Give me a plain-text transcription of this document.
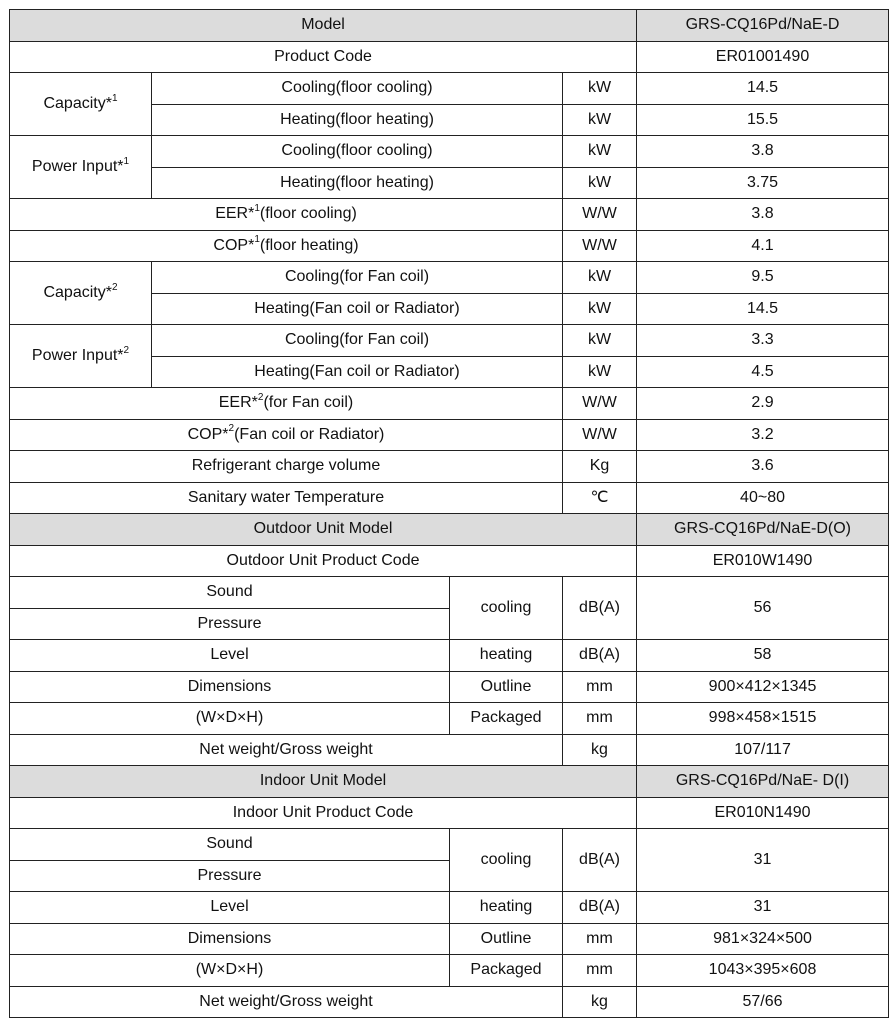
Model				GRS-CQ16Pd/NaE-D
Product Code				ER01001490
Capacity*$^1$	Cooling(floor cooling)		kW	14.5
	Heating(floor heating)		kW	15.5
Power Input*$^1$	Cooling(floor cooling)		kW	3.8
	Heating(floor heating)		kW	3.75
EER*$^1$(floor cooling)			W/W	3.8
COP*$^1$(floor heating)			W/W	4.1
Capacity*$^2$	Cooling(for Fan coil)		kW	9.5
	Heating(Fan coil or Radiator)		kW	14.5
Power Input*$^2$	Cooling(for Fan coil)		kW	3.3
	Heating(Fan coil or Radiator)		kW	4.5
EER*$^2$(for Fan coil)			W/W	2.9
COP*$^2$(Fan coil or Radiator)			W/W	3.2
Refrigerant charge volume			Kg	3.6
Sanitary water Temperature			℃	40~80
Outdoor Unit Model				GRS-CQ16Pd/NaE-D(O)
Outdoor Unit Product Code				ER010W1490
Sound		cooling	dB(A)	56
Pressure				
Level		heating	dB(A)	58
Dimensions		Outline	mm	900×412×1345
(W×D×H)		Packaged	mm	998×458×1515
Net weight/Gross weight			kg	107/117
Indoor Unit Model				GRS-CQ16Pd/NaE- D(I)
Indoor Unit Product Code				ER010N1490
Sound		cooling	dB(A)	31
Pressure				
Level		heating	dB(A)	31
Dimensions		Outline	mm	981×324×500
(W×D×H)		Packaged	mm	1043×395×608
Net weight/Gross weight			kg	57/66
